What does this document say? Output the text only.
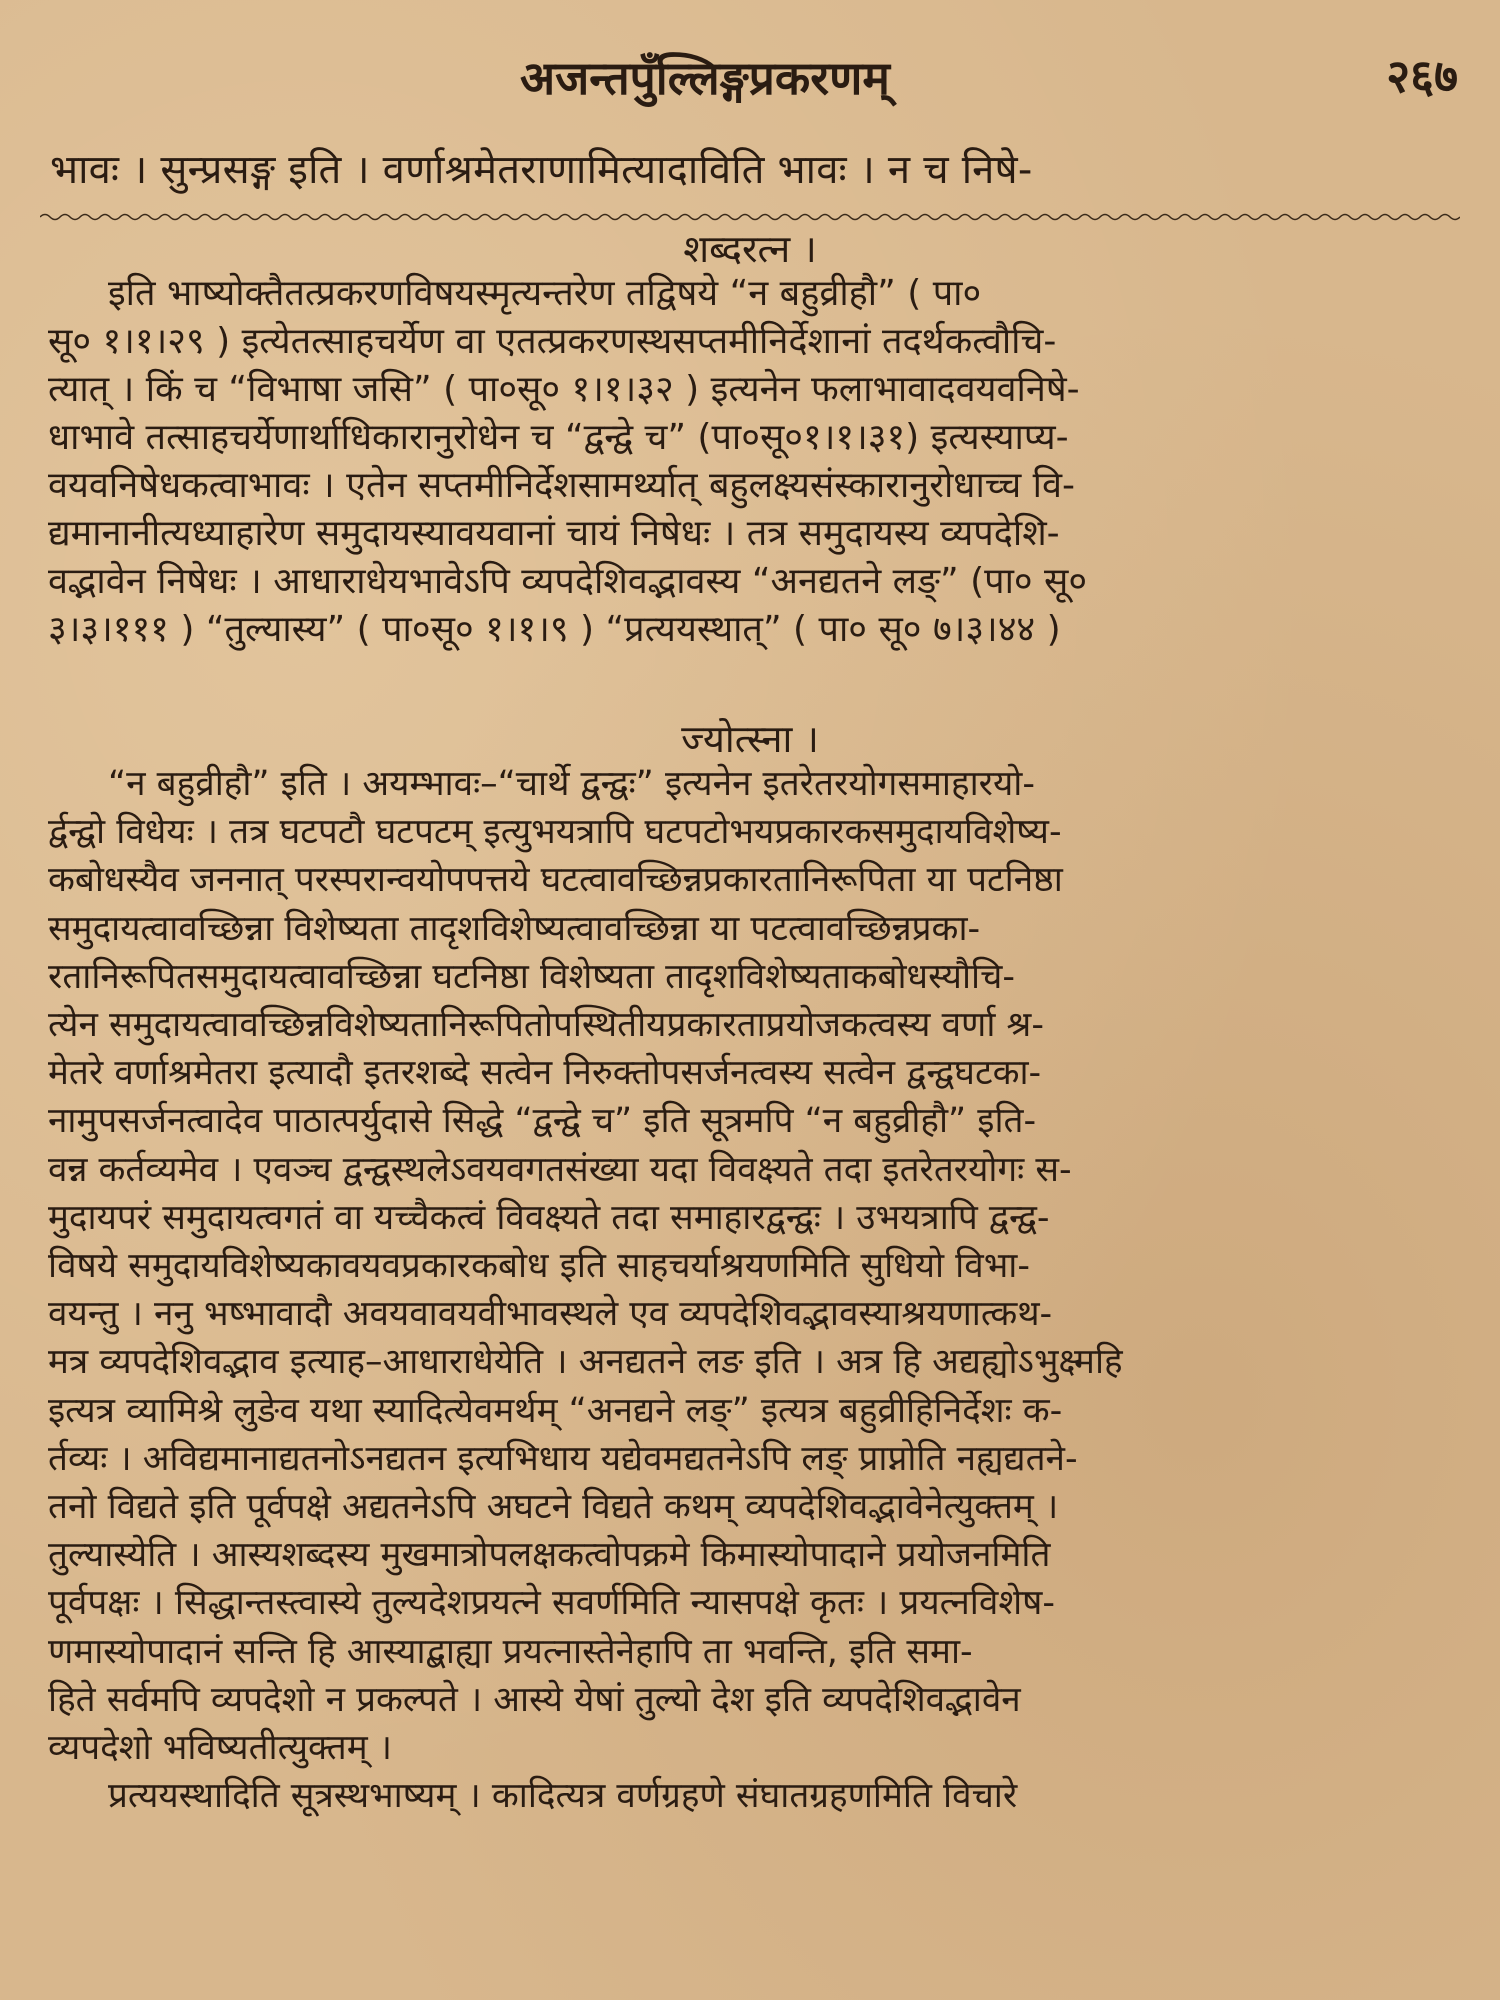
अजन्तपुँल्लिङ्गप्रकरणम्	२६७
भावः । सुन्प्रसङ्ग इति । वर्णाश्रमेतराणामित्यादाविति भावः । न च निषे-
शब्दरत्न ।
इति भाष्योक्तैतत्प्रकरणविषयस्मृत्यन्तरेण तद्विषये “न बहुव्रीहौ” ( पा०
सू० १।१।२९ ) इत्येतत्साहचर्येण वा एतत्प्रकरणस्थसप्तमीनिर्देशानां तदर्थकत्वौचि-
त्यात् । किं च “विभाषा जसि” ( पा०सू० १।१।३२ ) इत्यनेन फलाभावादवयवनिषे-
धाभावे तत्साहचर्येणार्थाधिकारानुरोधेन च “द्वन्द्वे च” (पा०सू०१।१।३१) इत्यस्याप्य-
वयवनिषेधकत्वाभावः । एतेन सप्तमीनिर्देशसामर्थ्यात् बहुलक्ष्यसंस्कारानुरोधाच्च वि-
द्यमानानीत्यध्याहारेण समुदायस्यावयवानां चायं निषेधः । तत्र समुदायस्य व्यपदेशि-
वद्भावेन निषेधः । आधाराधेयभावेऽपि व्यपदेशिवद्भावस्य “अनद्यतने लङ्” (पा० सू०
३।३।१११ ) “तुल्यास्य” ( पा०सू० १।१।९ ) “प्रत्ययस्थात्” ( पा० सू० ७।३।४४ )
ज्योत्स्ना ।
“न बहुव्रीहौ” इति । अयम्भावः–“चार्थे द्वन्द्वः” इत्यनेन इतरेतरयोगसमाहारयो-
र्द्वन्द्वो विधेयः । तत्र घटपटौ घटपटम् इत्युभयत्रापि घटपटोभयप्रकारकसमुदायविशेष्य-
कबोधस्यैव जननात् परस्परान्वयोपपत्तये घटत्वावच्छिन्नप्रकारतानिरूपिता या पटनिष्ठा
समुदायत्वावच्छिन्ना विशेष्यता तादृशविशेष्यत्वावच्छिन्ना या पटत्वावच्छिन्नप्रका-
रतानिरूपितसमुदायत्वावच्छिन्ना घटनिष्ठा विशेष्यता तादृशविशेष्यताकबोधस्यौचि-
त्येन समुदायत्वावच्छिन्नविशेष्यतानिरूपितोपस्थितीयप्रकारताप्रयोजकत्वस्य वर्णा श्र-
मेतरे वर्णाश्रमेतरा इत्यादौ इतरशब्दे सत्वेन निरुक्तोपसर्जनत्वस्य सत्वेन द्वन्द्वघटका-
नामुपसर्जनत्वादेव पाठात्पर्युदासे सिद्धे “द्वन्द्वे च” इति सूत्रमपि “न बहुव्रीहौ” इति-
वन्न कर्तव्यमेव । एवञ्च द्वन्द्वस्थलेऽवयवगतसंख्या यदा विवक्ष्यते तदा इतरेतरयोगः स-
मुदायपरं समुदायत्वगतं वा यच्चैकत्वं विवक्ष्यते तदा समाहारद्वन्द्वः । उभयत्रापि द्वन्द्व-
विषये समुदायविशेष्यकावयवप्रकारकबोध इति साहचर्याश्रयणमिति सुधियो विभा-
वयन्तु । ननु भष्भावादौ अवयवावयवीभावस्थले एव व्यपदेशिवद्भावस्याश्रयणात्कथ-
मत्र व्यपदेशिवद्भाव इत्याह–आधाराधेयेति । अनद्यतने लङ इति । अत्र हि अद्यह्योऽभुक्ष्महि
इत्यत्र व्यामिश्रे लुङेव यथा स्यादित्येवमर्थम् “अनद्यने लङ्” इत्यत्र बहुव्रीहिनिर्देशः क-
र्तव्यः । अविद्यमानाद्यतनोऽनद्यतन इत्यभिधाय यद्येवमद्यतनेऽपि लङ् प्राप्नोति नह्यद्यतने-
तनो विद्यते इति पूर्वपक्षे अद्यतनेऽपि अघटने विद्यते कथम् व्यपदेशिवद्भावेनेत्युक्तम् ।
तुल्यास्येति । आस्यशब्दस्य मुखमात्रोपलक्षकत्वोपक्रमे किमास्योपादाने प्रयोजनमिति
पूर्वपक्षः । सिद्धान्तस्त्वास्ये तुल्यदेशप्रयत्ने सवर्णमिति न्यासपक्षे कृतः । प्रयत्नविशेष-
णमास्योपादानं सन्ति हि आस्याद्बाह्या प्रयत्नास्तेनेहापि ता भवन्ति, इति समा-
हिते सर्वमपि व्यपदेशो न प्रकल्पते । आस्ये येषां तुल्यो देश इति व्यपदेशिवद्भावेन
व्यपदेशो भविष्यतीत्युक्तम् ।
प्रत्ययस्थादिति सूत्रस्थभाष्यम् । कादित्यत्र वर्णग्रहणे संघातग्रहणमिति विचारे
